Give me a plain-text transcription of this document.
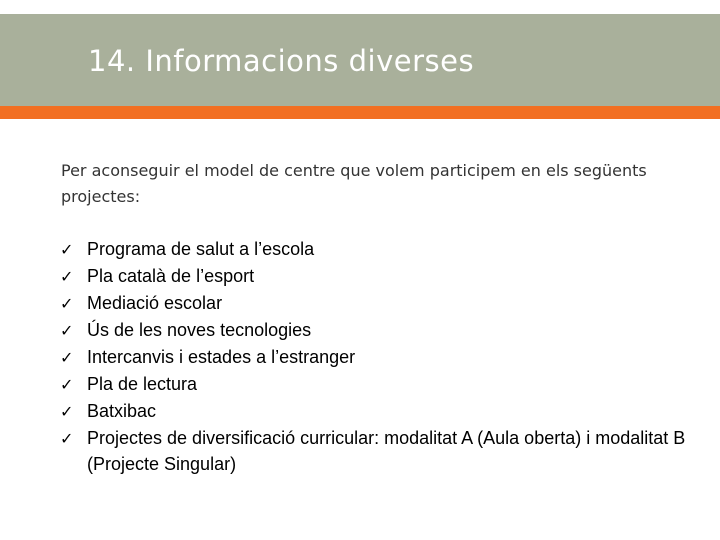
14. Informacions diverses
Per aconseguir el model de centre que volem participem en els següents projectes:
✓ Programa de salut a l’escola
✓ Pla català de l’esport
✓ Mediació escolar
✓ Ús de les noves tecnologies
✓ Intercanvis i estades a l’estranger
✓ Pla de lectura
✓ Batxibac
✓ Projectes de diversificació curricular: modalitat A (Aula oberta) i modalitat B (Projecte Singular)
